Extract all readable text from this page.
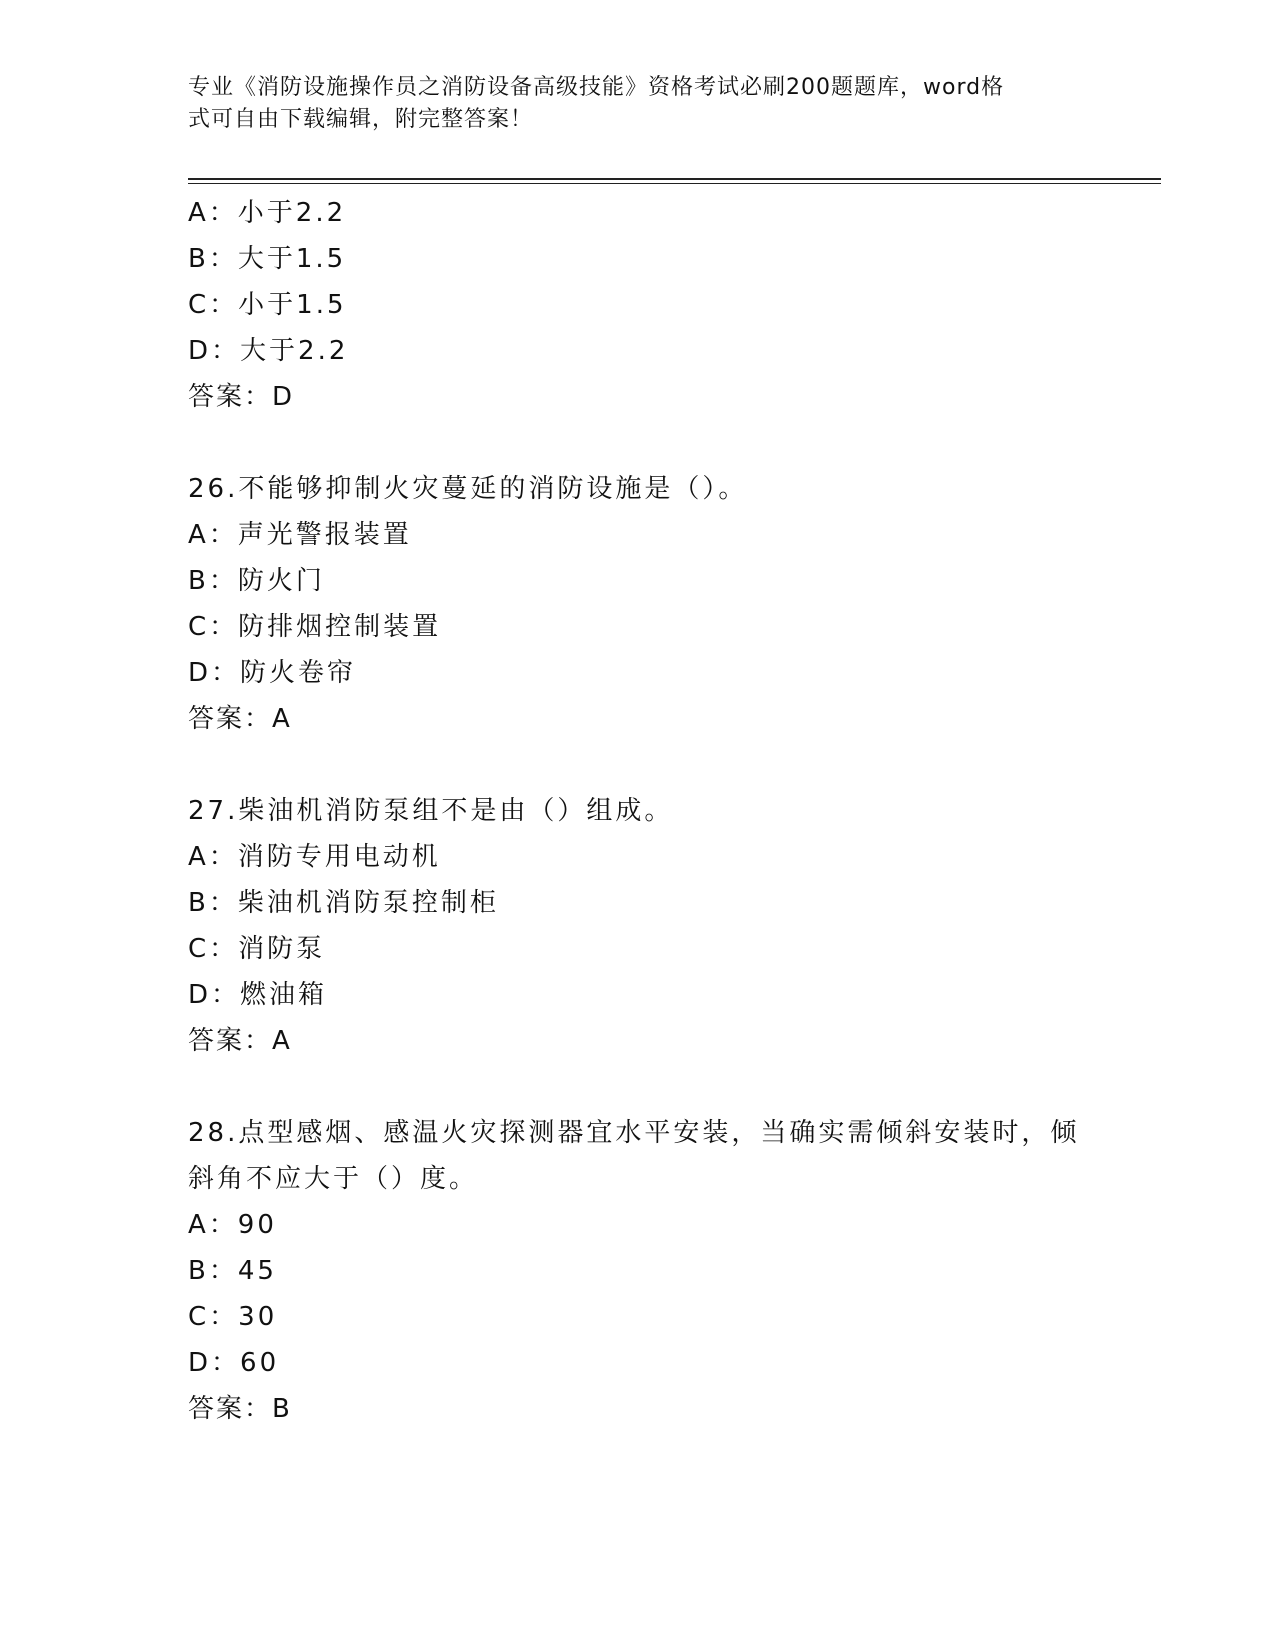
专业《消防设施操作员之消防设备高级技能》资格考试必刷200题题库，word格
式可自由下载编辑，附完整答案！
A：小于2.2
B：大于1.5
C：小于1.5
D：大于2.2
答案：D
26.不能够抑制火灾蔓延的消防设施是（）。
A：声光警报装置
B：防火门
C：防排烟控制装置
D：防火卷帘
答案：A
27.柴油机消防泵组不是由（）组成。
A：消防专用电动机
B：柴油机消防泵控制柜
C：消防泵
D：燃油箱
答案：A
28.点型感烟、感温火灾探测器宜水平安装，当确实需倾斜安装时，倾
斜角不应大于（）度。
A：90
B：45
C：30
D：60
答案：B
